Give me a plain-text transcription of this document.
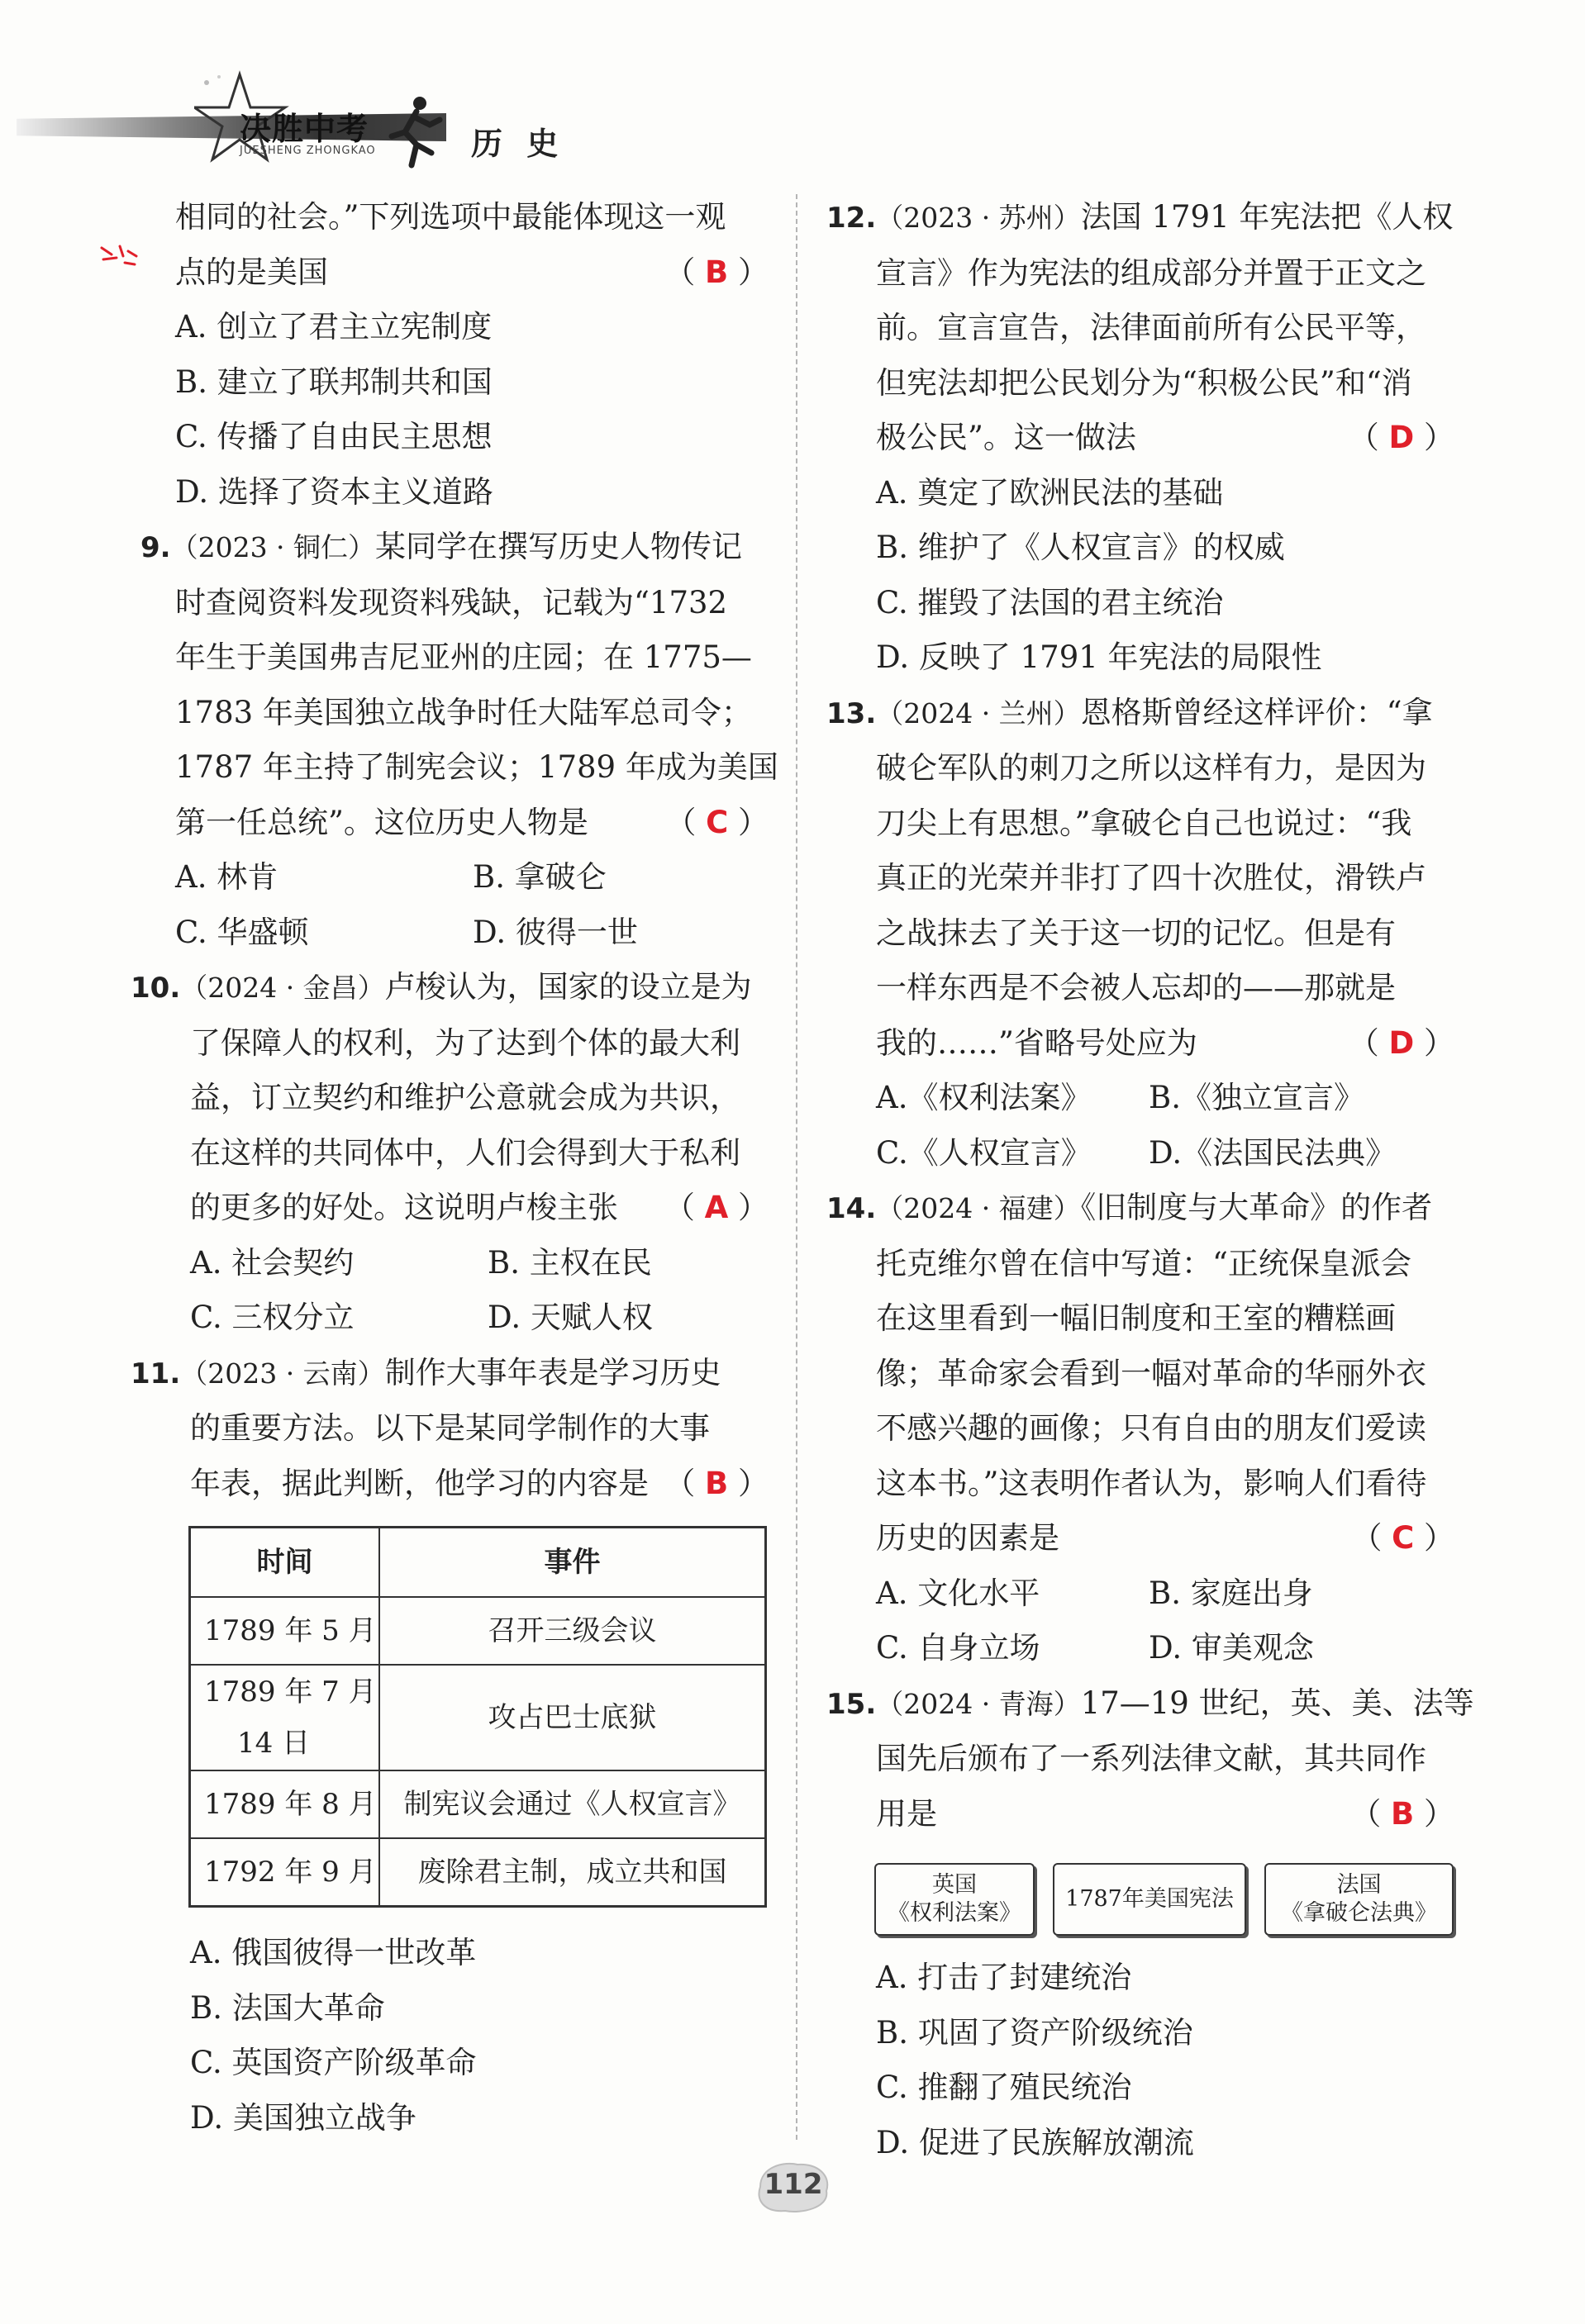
决胜中考
JUESHENG ZHONGKAO	历 史
相同的社会。”下列选项中最能体现这一观
点的是美国	（ B ）
A. 创立了君主立宪制度
B. 建立了联邦制共和国
C. 传播了自由民主思想
D. 选择了资本主义道路
9.（2023 · 铜仁）某同学在撰写历史人物传记
时查阅资料发现资料残缺，记载为“1732
年生于美国弗吉尼亚州的庄园；在 1775—
1783 年美国独立战争时任大陆军总司令；
1787 年主持了制宪会议；1789 年成为美国
第一任总统”。这位历史人物是	（ C ）
A. 林肯	B. 拿破仑
C. 华盛顿	D. 彼得一世
10.（2024 · 金昌）卢梭认为，国家的设立是为
了保障人的权利，为了达到个体的最大利
益，订立契约和维护公意就会成为共识，
在这样的共同体中，人们会得到大于私利
的更多的好处。这说明卢梭主张 （ A ）
A. 社会契约	B. 主权在民
C. 三权分立	D. 天赋人权
11.（2023 · 云南）制作大事年表是学习历史
的重要方法。以下是某同学制作的大事
年表，据此判断，他学习的内容是 （ B ）
时间	事件
1789 年 5 月	召开三级会议

1789 年 7 月
14 日	攻占巴士底狱
1789 年 8 月	制宪议会通过《人权宣言》
1792 年 9 月	废除君主制，成立共和国
A. 俄国彼得一世改革
B. 法国大革命
C. 英国资产阶级革命
D. 美国独立战争
12.（2023 · 苏州）法国 1791 年宪法把《人权
宣言》作为宪法的组成部分并置于正文之
前。宣言宣告，法律面前所有公民平等，
但宪法却把公民划分为“积极公民”和“消
极公民”。这一做法	（ D ）
A. 奠定了欧洲民法的基础
B. 维护了《人权宣言》的权威
C. 摧毁了法国的君主统治
D. 反映了 1791 年宪法的局限性
13.（2024 · 兰州）恩格斯曾经这样评价：“拿
破仑军队的刺刀之所以这样有力，是因为
刀尖上有思想。”拿破仑自己也说过：“我
真正的光荣并非打了四十次胜仗，滑铁卢
之战抹去了关于这一切的记忆。但是有
一样东西是不会被人忘却的——那就是
我的……”省略号处应为	（ D ）
A.《权利法案》	B.《独立宣言》
C.《人权宣言》	D.《法国民法典》
14.（2024 · 福建）《旧制度与大革命》的作者
托克维尔曾在信中写道：“正统保皇派会
在这里看到一幅旧制度和王室的糟糕画
像；革命家会看到一幅对革命的华丽外衣
不感兴趣的画像；只有自由的朋友们爱读
这本书。”这表明作者认为，影响人们看待
历史的因素是	（ C ）
A. 文化水平	B. 家庭出身
C. 自身立场	D. 审美观念
15.（2024 · 青海）17—19 世纪，英、美、法等
国先后颁布了一系列法律文献，其共同作
用是	（ B ）
英国
《权利法案》
1787年美国宪法
法国
《拿破仑法典》
A. 打击了封建统治
B. 巩固了资产阶级统治
C. 推翻了殖民统治
D. 促进了民族解放潮流
112
